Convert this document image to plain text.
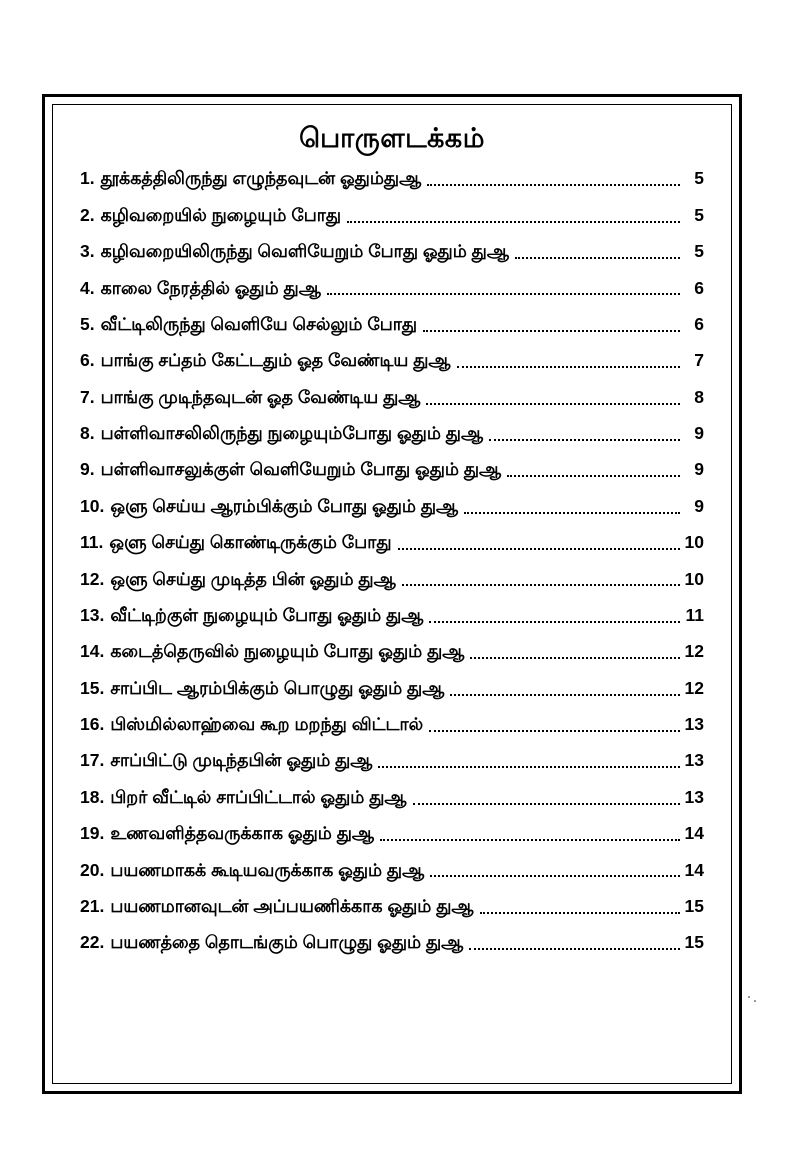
பொருளடக்கம்
1. தூக்கத்திலிருந்து எழுந்தவுடன் ஓதும்துஆ	5
2. கழிவறையில் நுழையும் போது	5
3. கழிவறையிலிருந்து வெளியேறும் போது ஓதும் துஆ	5
4. காலை நேரத்தில் ஓதும் துஆ	6
5. வீட்டிலிருந்து வெளியே செல்லும் போது	6
6. பாங்கு சப்தம் கேட்டதும் ஓத வேண்டிய துஆ	7
7. பாங்கு முடிந்தவுடன் ஓத வேண்டிய துஆ	8
8. பள்ளிவாசலிலிருந்து நுழையும்போது ஓதும் துஆ	9
9. பள்ளிவாசலுக்குள் வெளியேறும் போது ஓதும் துஆ	9
10. ஒளு செய்ய ஆரம்பிக்கும் போது ஓதும் துஆ	9
11. ஒளு செய்து கொண்டிருக்கும் போது	10
12. ஒளு செய்து முடித்த பின் ஓதும் துஆ	10
13. வீட்டிற்குள் நுழையும் போது ஓதும் துஆ	11
14. கடைத்தெருவில் நுழையும் போது ஓதும் துஆ	12
15. சாப்பிட ஆரம்பிக்கும் பொழுது ஓதும் துஆ	12
16. பிஸ்மில்லாஹ்வை கூற மறந்து விட்டால்	13
17. சாப்பிட்டு முடிந்தபின் ஓதும் துஆ	13
18. பிறர் வீட்டில் சாப்பிட்டால் ஓதும் துஆ	13
19. உணவளித்தவருக்காக ஓதும் துஆ	14
20. பயணமாகக் கூடியவருக்காக ஓதும் துஆ	14
21. பயணமானவுடன் அப்பயணிக்காக ஓதும் துஆ	15
22. பயணத்தை தொடங்கும் பொழுது ஓதும் துஆ	15
